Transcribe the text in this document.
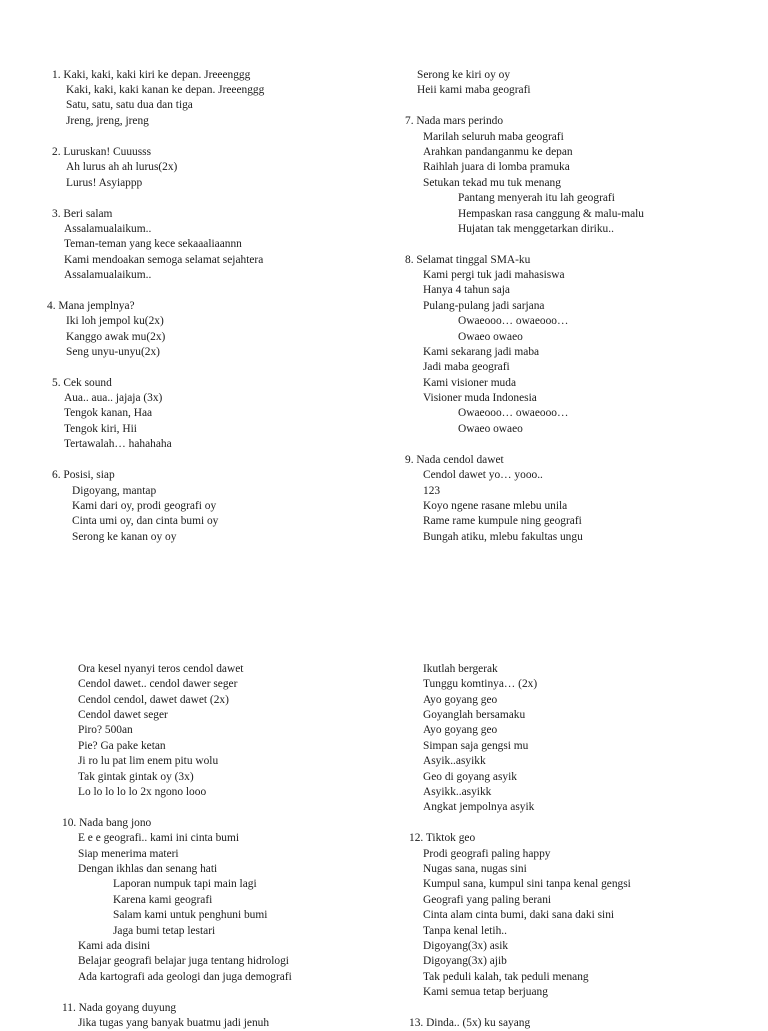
1. Kaki, kaki, kaki kiri ke depan. Jreeenggg
Kaki, kaki, kaki kanan ke depan. Jreeenggg
Satu, satu, satu dua dan tiga
Jreng, jreng, jreng
2. Luruskan! Cuuusss
Ah lurus ah ah lurus(2x)
Lurus! Asyiappp
3. Beri salam
Assalamualaikum..
Teman-teman yang kece sekaaaliaannn
Kami mendoakan semoga selamat sejahtera
Assalamualaikum..
4. Mana jemplnya?
Iki loh jempol ku(2x)
Kanggo awak mu(2x)
Seng unyu-unyu(2x)
5. Cek sound
Aua.. aua.. jajaja (3x)
Tengok kanan, Haa
Tengok kiri, Hii
Tertawalah… hahahaha
6. Posisi, siap
Digoyang, mantap
Kami dari oy, prodi geografi oy
Cinta umi oy, dan cinta bumi oy
Serong ke kanan oy oy
Serong ke kiri oy oy
Heii kami maba geografi
7. Nada mars perindo
Marilah seluruh maba geografi
Arahkan pandanganmu ke depan
Raihlah juara di lomba pramuka
Setukan tekad mu tuk menang
Pantang menyerah itu lah geografi
Hempaskan rasa canggung & malu-malu
Hujatan tak menggetarkan diriku..
8. Selamat tinggal SMA-ku
Kami pergi tuk jadi mahasiswa
Hanya 4 tahun saja
Pulang-pulang jadi sarjana
Owaeooo… owaeooo…
Owaeo owaeo
Kami sekarang jadi maba
Jadi maba geografi
Kami visioner muda
Visioner muda Indonesia
Owaeooo… owaeooo…
Owaeo owaeo
9. Nada cendol dawet
Cendol dawet yo… yooo..
123
Koyo ngene rasane mlebu unila
Rame rame kumpule ning geografi
Bungah atiku, mlebu fakultas ungu
Ora kesel nyanyi teros cendol dawet
Cendol dawet.. cendol dawer seger
Cendol cendol, dawet dawet (2x)
Cendol dawet seger
Piro? 500an
Pie? Ga pake ketan
Ji ro lu pat lim enem pitu wolu
Tak gintak gintak oy (3x)
Lo lo lo lo lo 2x ngono looo
10. Nada bang jono
E e e geografi.. kami ini cinta bumi
Siap menerima materi
Dengan ikhlas dan senang hati
Laporan numpuk tapi main lagi
Karena kami geografi
Salam kami untuk penghuni bumi
Jaga bumi tetap lestari
Kami ada disini
Belajar geografi belajar juga tentang hidrologi
Ada kartografi ada geologi dan juga demografi
11. Nada goyang duyung
Jika tugas yang banyak buatmu jadi jenuh
Ikutlah bergerak
Tunggu komtinya… (2x)
Ayo goyang geo
Goyanglah bersamaku
Ayo goyang geo
Simpan saja gengsi mu
Asyik..asyikk
Geo di goyang asyik
Asyikk..asyikk
Angkat jempolnya asyik
12. Tiktok geo
Prodi geografi paling happy
Nugas sana, nugas sini
Kumpul sana, kumpul sini tanpa kenal gengsi
Geografi yang paling berani
Cinta alam cinta bumi, daki sana daki sini
Tanpa kenal letih..
Digoyang(3x) asik
Digoyang(3x) ajib
Tak peduli kalah, tak peduli menang
Kami semua tetap berjuang
13. Dinda.. (5x) ku sayang
